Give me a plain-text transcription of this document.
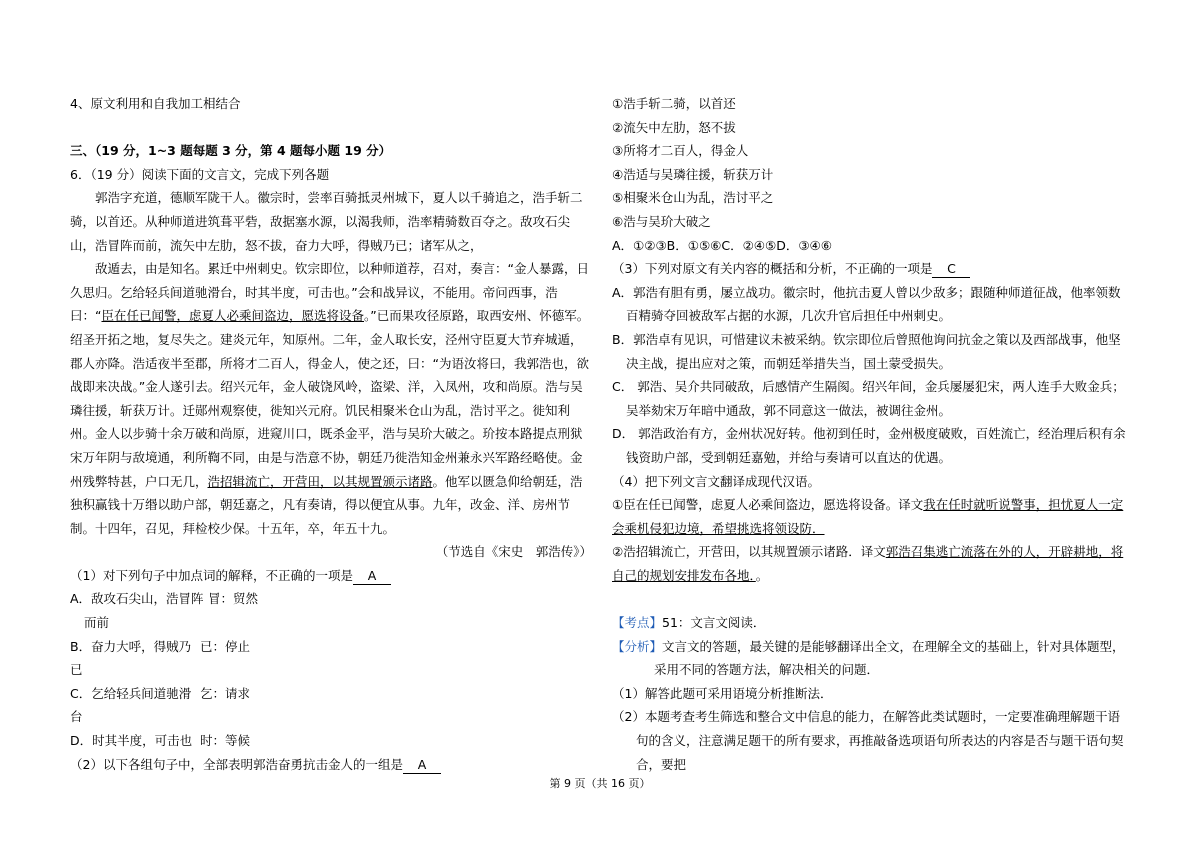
4、原文利用和自我加工相结合

三、（19 分，1~3 题每题 3 分，第 4 题每小题 19 分）

6．（19 分）阅读下面的文言文，完成下列各题

郭浩字充道，德顺军陇干人。徽宗时，尝率百骑抵灵州城下，夏人以千骑追之，浩手斩二骑，以首还。从种师道进筑葺平砦，敌据塞水源，以渴我师，浩率精骑数百夺之。敌攻石尖山，浩冒阵而前，流矢中左肋，怒不拔，奋力大呼，得贼乃已；诸军从之，

敌遁去，由是知名。累迁中州刺史。钦宗即位，以种师道荐，召对，奏言：“金人暴露，日久思归。乞给轻兵间道驰滑台，时其半度，可击也。”会和战异议，不能用。帝问西事，浩曰：“臣在任已闻警，虑夏人必乘间盗边，愿选将设备。”已而果攻径原路，取西安州、怀德军。绍圣开拓之地，复尽失之。建炎元年，知原州。二年，金人取长安，泾州守臣夏大节弃城遁，郡人亦降。浩适夜半至郡，所将才二百人，得金人，使之还，曰：“为语汝将曰，我郭浩也，欲战即来决战。”金人遂引去。绍兴元年，金人破饶风岭，盗梁、洋，入凤州，攻和尚原。浩与吴璘往援，斩获万计。迁郧州观察使，徙知兴元府。饥民相聚米仓山为乱，浩讨平之。徙知利州。金人以步骑十余万破和尚原，进窥川口，既杀金平，浩与吴玠大破之。玠按本路提点刑狱宋万年阴与敌境通，利所鞫不同，由是与浩意不协，朝廷乃徙浩知金州兼永兴军路经略使。金州残弊特甚，户口无几，浩招辑流亡，开营田，以其规置颁示诸路。他军以匮急仰给朝廷，浩独积赢钱十万缗以助户部，朝廷嘉之，凡有奏请，得以便宜从事。九年，改金、洋、房州节制。十四年，召见，拜检校少保。十五年，卒，年五十九。

（节选自《宋史　郭浩传》）

（1）对下列句子中加点词的解释，不正确的一项是 A

A．敌攻石尖山，浩冒阵 冒：贸然

而前

B．奋力大呼，得贼乃已
已：停止
C．乞给轻兵间道驰滑台
乞：请求
D．时其半度，可击也 时：等候

（2）以下各组句子中，全部表明郭浩奋勇抗击金人的一组是 A

①浩手斩二骑，以首还

②流矢中左肋，怒不拔

③所将才二百人，得金人

④浩适与吴璘往援，斩获万计

⑤相聚米仓山为乱，浩讨平之

⑥浩与吴玠大破之

A．①②③B．①⑤⑥C．②④⑤D．③④⑥

（3）下列对原文有关内容的概括和分析，不正确的一项是 C

A．郭浩有胆有勇，屡立战功。徽宗时，他抗击夏人曾以少敌多；跟随种师道征战，他率领数百精骑夺回被敌军占据的水源，几次升官后担任中州刺史。

B．郭浩卓有见识，可惜建议未被采纳。钦宗即位后曾照他询问抗金之策以及西部战事，他坚决主战，提出应对之策，而朝廷举措失当，国土蒙受损失。

C． 郭浩、吴介共同破敌，后感情产生隔阂。绍兴年间，金兵屡屡犯宋，两人连手大败金兵；吴举劾宋万年暗中通敌，郭不同意这一做法，被调往金州。

D． 郭浩政治有方，金州状况好转。他初到任时，金州极度破败，百姓流亡，经治理后积有余钱资助户部，受到朝廷嘉勉，并给与奏请可以直达的优遇。

（4）把下列文言文翻译成现代汉语。

①臣在任已闻警，虑夏人必乘间盗边，愿选将设备。译文我在任时就听说警事，担忧夏人一定会乘机侵犯边境，希望挑选将领设防．

②浩招辑流亡，开营田，以其规置颁示诸路．译文郭浩召集逃亡流落在外的人，开辟耕地，将自己的规划安排发布各地．。

【考点】51：文言文阅读．

【分析】文言文的答题，最关键的是能够翻译出全文，在理解全文的基础上，针对具体题型，采用不同的答题方法，解决相关的问题．

（1）解答此题可采用语境分析推断法．

（2）本题考查考生筛选和整合文中信息的能力，在解答此类试题时，一定要准确理解题干语句的含义，注意满足题干的所有要求，再推敲备选项语句所表达的内容是否与题干语句契合，要把

第 9 页（共 16 页）
